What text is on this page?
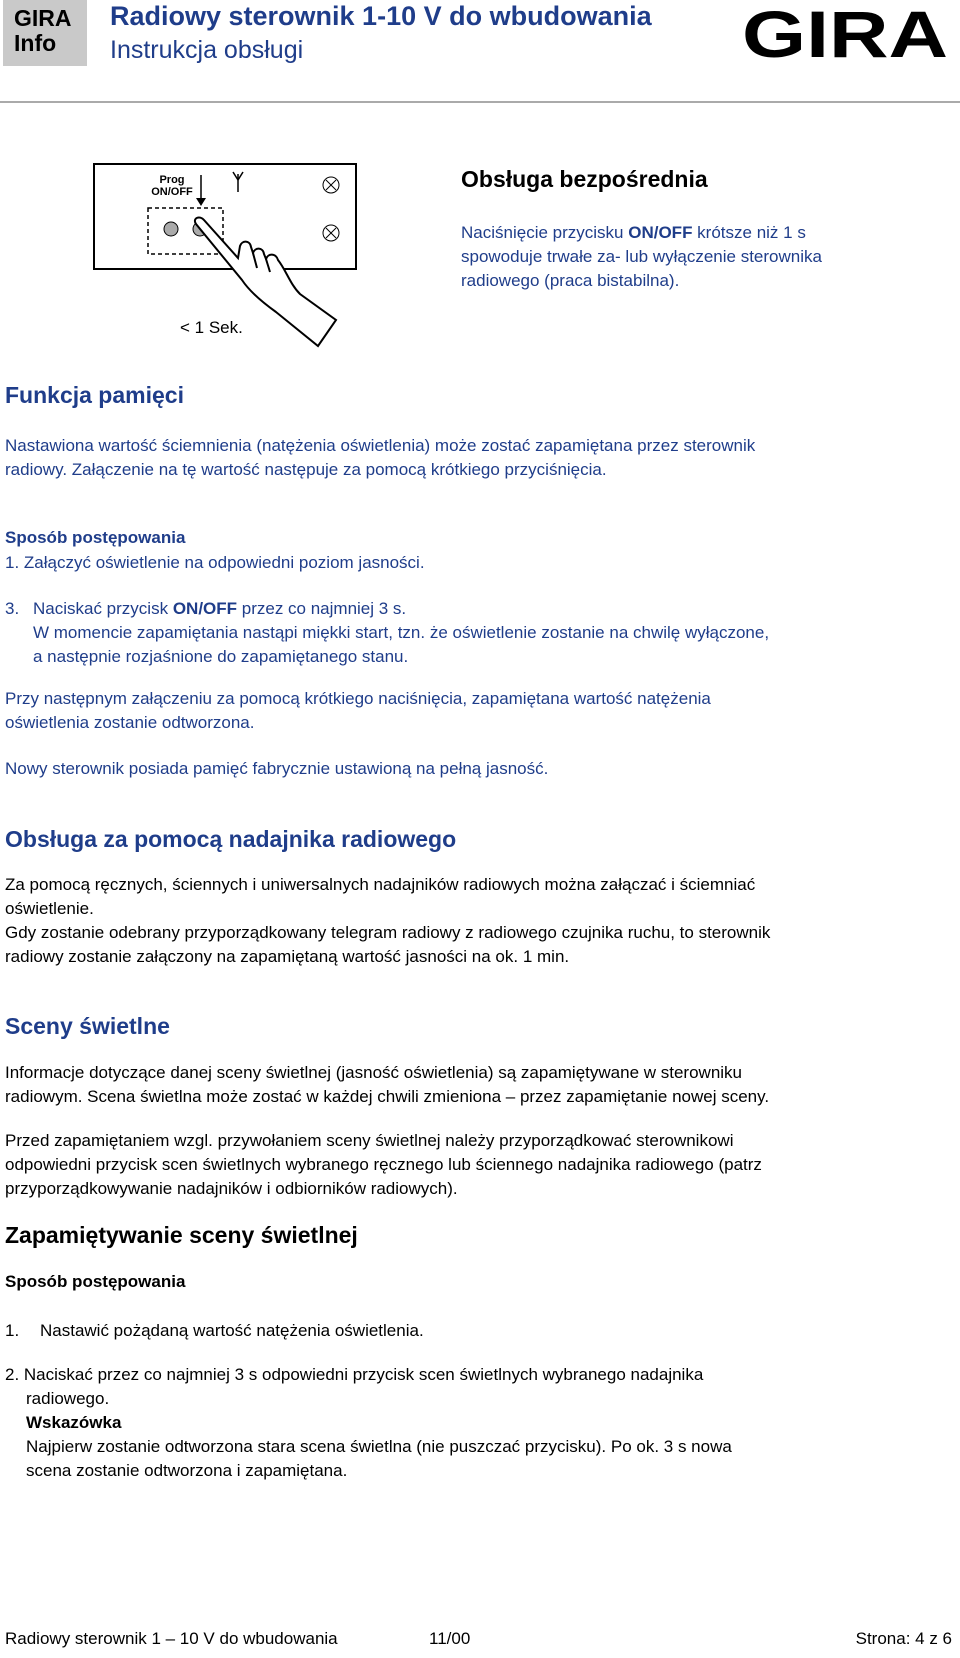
GIRA
Info
Radiowy sterownik 1-10 V do wbudowania
Instrukcja obsługi	GIRA
Prog
ON/OFF
< 1 Sek.
Obsługa bezpośrednia
Naciśnięcie przycisku ON/OFF krótsze niż 1 s
spowoduje trwałe za- lub wyłączenie sterownika
radiowego (praca bistabilna).
Funkcja pamięci
Nastawiona wartość ściemnienia (natężenia oświetlenia) może zostać zapamiętana przez sterownik
radiowy. Załączenie na tę wartość następuje za pomocą krótkiego przyciśnięcia.
Sposób postępowania
1. Załączyć oświetlenie na odpowiedni poziom jasności.
3. Naciskać przycisk ON/OFF przez co najmniej 3 s.
W momencie zapamiętania nastąpi miękki start, tzn. że oświetlenie zostanie na chwilę wyłączone,
a następnie rozjaśnione do zapamiętanego stanu.
Przy następnym załączeniu za pomocą krótkiego naciśnięcia, zapamiętana wartość natężenia
oświetlenia zostanie odtworzona.
Nowy sterownik posiada pamięć fabrycznie ustawioną na pełną jasność.
Obsługa za pomocą nadajnika radiowego
Za pomocą ręcznych, ściennych i uniwersalnych nadajników radiowych można załączać i ściemniać
oświetlenie.
Gdy zostanie odebrany przyporządkowany telegram radiowy z radiowego czujnika ruchu, to sterownik
radiowy zostanie załączony na zapamiętaną wartość jasności na ok. 1 min.
Sceny świetlne
Informacje dotyczące danej sceny świetlnej (jasność oświetlenia) są zapamiętywane w sterowniku
radiowym. Scena świetlna może zostać w każdej chwili zmieniona – przez zapamiętanie nowej sceny.
Przed zapamiętaniem wzgl. przywołaniem sceny świetlnej należy przyporządkować sterownikowi
odpowiedni przycisk scen świetlnych wybranego ręcznego lub ściennego nadajnika radiowego (patrz
przyporządkowywanie nadajników i odbiorników radiowych).
Zapamiętywanie sceny świetlnej
Sposób postępowania
1. Nastawić pożądaną wartość natężenia oświetlenia.
2. Naciskać przez co najmniej 3 s odpowiedni przycisk scen świetlnych wybranego nadajnika
radiowego.
Wskazówka
Najpierw zostanie odtworzona stara scena świetlna (nie puszczać przycisku). Po ok. 3 s nowa
scena zostanie odtworzona i zapamiętana.
Radiowy sterownik 1 – 10 V do wbudowania	11/00	Strona: 4 z 6
